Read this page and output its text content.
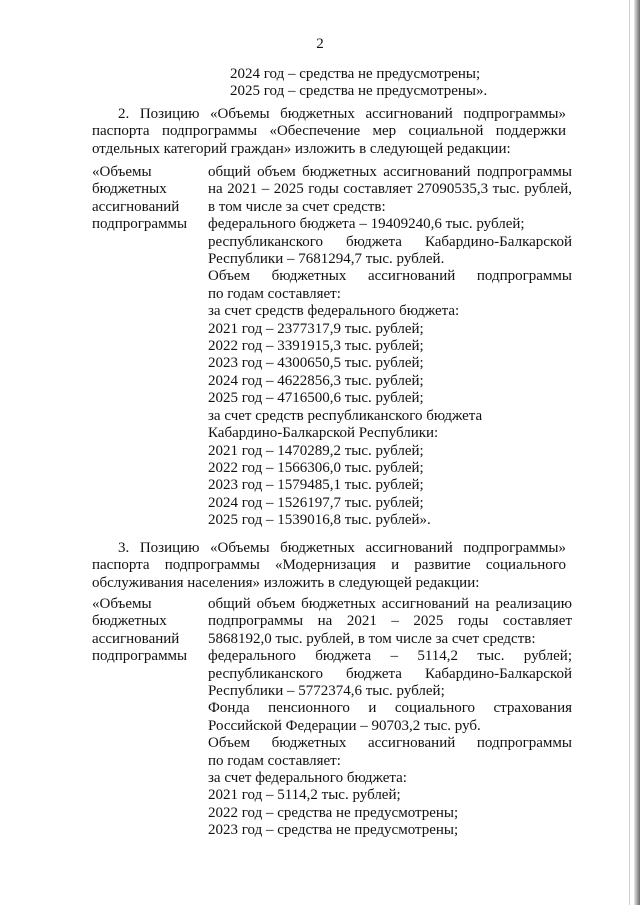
2
2024 год – средства не предусмотрены;
2025 год – средства не предусмотрены».
2. Позицию «Объемы бюджетных ассигнований подпрограммы»
паспорта подпрограммы «Обеспечение мер социальной поддержки
отдельных категорий граждан» изложить в следующей редакции:
«Объемы
бюджетных
ассигнований
подпрограммы
общий объем бюджетных ассигнований подпрограммы
на 2021 – 2025 годы составляет 27090535,3 тыс. рублей,
в том числе за счет средств:
федерального бюджета – 19409240,6 тыс. рублей;
республиканского бюджета Кабардино-Балкарской
Республики – 7681294,7 тыс. рублей.
Объем бюджетных ассигнований подпрограммы
по годам составляет:
за счет средств федерального бюджета:
2021 год – 2377317,9 тыс. рублей;
2022 год – 3391915,3 тыс. рублей;
2023 год – 4300650,5 тыс. рублей;
2024 год – 4622856,3 тыс. рублей;
2025 год – 4716500,6 тыс. рублей;
за счет средств республиканского бюджета
Кабардино-Балкарской Республики:
2021 год – 1470289,2 тыс. рублей;
2022 год – 1566306,0 тыс. рублей;
2023 год – 1579485,1 тыс. рублей;
2024 год – 1526197,7 тыс. рублей;
2025 год – 1539016,8 тыс. рублей».
3. Позицию «Объемы бюджетных ассигнований подпрограммы»
паспорта подпрограммы «Модернизация и развитие социального
обслуживания населения» изложить в следующей редакции:
«Объемы
бюджетных
ассигнований
подпрограммы
общий объем бюджетных ассигнований на реализацию
подпрограммы на 2021 – 2025 годы составляет
5868192,0 тыс. рублей, в том числе за счет средств:
федерального бюджета – 5114,2 тыс. рублей;
республиканского бюджета Кабардино-Балкарской
Республики – 5772374,6 тыс. рублей;
Фонда пенсионного и социального страхования
Российской Федерации – 90703,2 тыс. руб.
Объем бюджетных ассигнований подпрограммы
по годам составляет:
за счет федерального бюджета:
2021 год – 5114,2 тыс. рублей;
2022 год – средства не предусмотрены;
2023 год – средства не предусмотрены;
